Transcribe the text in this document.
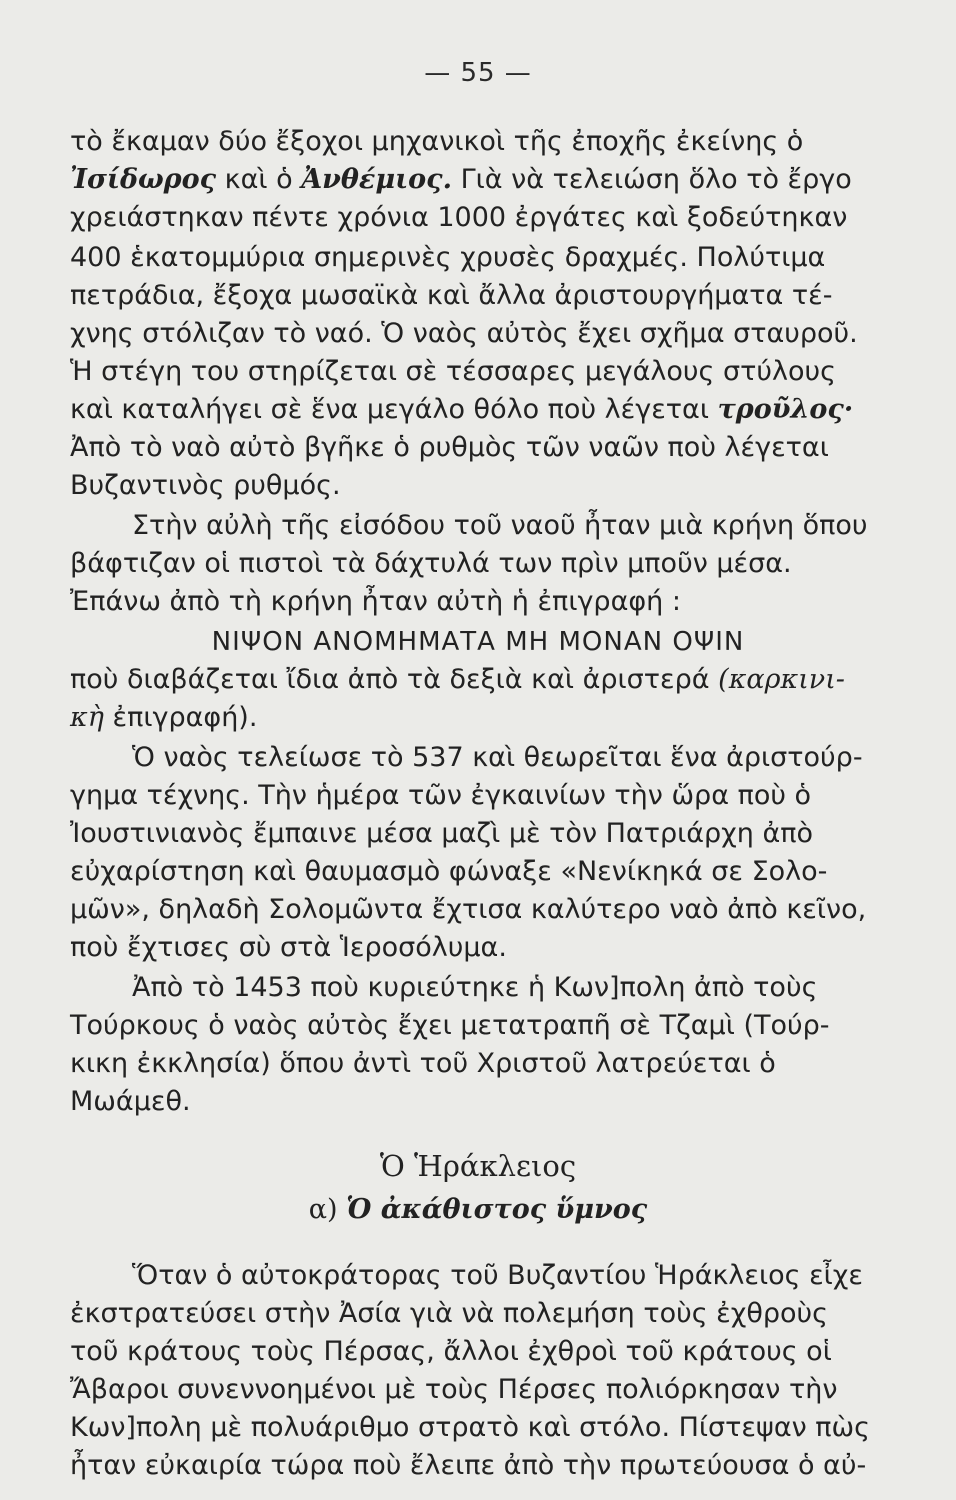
— 55 —
τὸ ἔκαμαν δύο ἔξοχοι μηχανικοὶ τῆς ἐποχῆς ἐκείνης ὁ
Ἰσίδωρος καὶ ὁ Ἀνθέμιος. Γιὰ νὰ τελειώση ὅλο τὸ ἔργο
χρειάστηκαν πέντε χρόνια 1000 ἐργάτες καὶ ξοδεύτηκαν
400 ἑκατομμύρια σημερινὲς χρυσὲς δραχμές. Πολύτιμα
πετράδια, ἔξοχα μωσαϊκὰ καὶ ἄλλα ἀριστουργήματα τέ-
χνης στόλιζαν τὸ ναό. Ὁ ναὸς αὐτὸς ἔχει σχῆμα σταυροῦ.
Ἡ στέγη του στηρίζεται σὲ τέσσαρες μεγάλους στύλους
καὶ καταλήγει σὲ ἕνα μεγάλο θόλο ποὺ λέγεται τροῦλος·
Ἀπὸ τὸ ναὸ αὐτὸ βγῆκε ὁ ρυθμὸς τῶν ναῶν ποὺ λέγεται
Βυζαντινὸς ρυθμός.
Στὴν αὐλὴ τῆς εἰσόδου τοῦ ναοῦ ἦταν μιὰ κρήνη ὅπου
βάφτιζαν οἱ πιστοὶ τὰ δάχτυλά των πρὶν μποῦν μέσα.
Ἐπάνω ἀπὸ τὴ κρήνη ἦταν αὐτὴ ἡ ἐπιγραφή :
ΝΙΨΟΝ ΑΝΟΜΗΜΑΤΑ ΜΗ ΜΟΝΑΝ ΟΨΙΝ
ποὺ διαβάζεται ἴδια ἀπὸ τὰ δεξιὰ καὶ ἀριστερά (καρκινι-
κὴ ἐπιγραφή).
Ὁ ναὸς τελείωσε τὸ 537 καὶ θεωρεῖται ἕνα ἀριστούρ-
γημα τέχνης. Τὴν ἡμέρα τῶν ἐγκαινίων τὴν ὥρα ποὺ ὁ
Ἰουστινιανὸς ἔμπαινε μέσα μαζὶ μὲ τὸν Πατριάρχη ἀπὸ
εὐχαρίστηση καὶ θαυμασμὸ φώναξε «Νενίκηκά σε Σολο-
μῶν», δηλαδὴ Σολομῶντα ἔχτισα καλύτερο ναὸ ἀπὸ κεῖνο,
ποὺ ἔχτισες σὺ στὰ Ἱεροσόλυμα.
Ἀπὸ τὸ 1453 ποὺ κυριεύτηκε ἡ Κων]πολη ἀπὸ τοὺς
Τούρκους ὁ ναὸς αὐτὸς ἔχει μετατραπῆ σὲ Τζαμὶ (Τούρ-
κικη ἐκκλησία) ὅπου ἀντὶ τοῦ Χριστοῦ λατρεύεται ὁ
Μωάμεθ.
Ὁ Ἡράκλειος
α) Ὁ ἀκάθιστος ὕμνος
Ὅταν ὁ αὐτοκράτορας τοῦ Βυζαντίου Ἡράκλειος εἶχε
ἐκστρατεύσει στὴν Ἀσία γιὰ νὰ πολεμήση τοὺς ἐχθροὺς
τοῦ κράτους τοὺς Πέρσας, ἄλλοι ἐχθροὶ τοῦ κράτους οἱ
Ἄβαροι συνεννοημένοι μὲ τοὺς Πέρσες πολιόρκησαν τὴν
Κων]πολη μὲ πολυάριθμο στρατὸ καὶ στόλο. Πίστεψαν πὼς
ἦταν εὐκαιρία τώρα ποὺ ἔλειπε ἀπὸ τὴν πρωτεύουσα ὁ αὐ-
